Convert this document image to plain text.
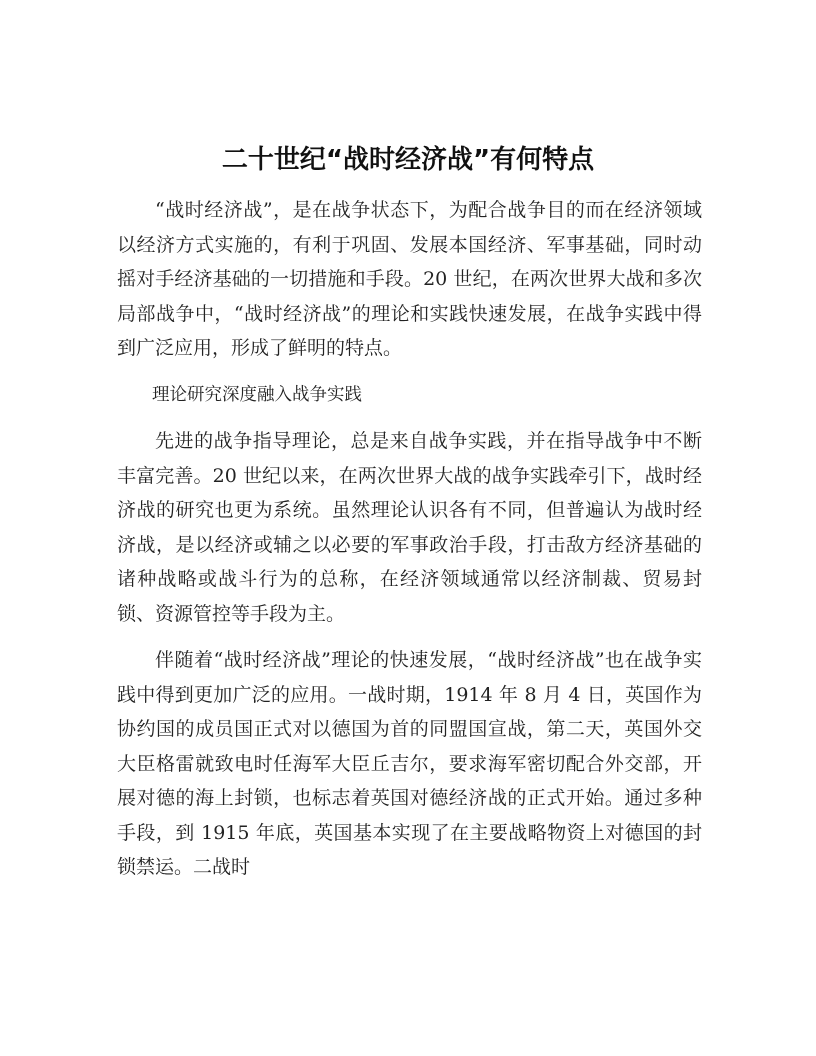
二十世纪“战时经济战”有何特点

“战时经济战”，是在战争状态下，为配合战争目的而在经济领域以经济方式实施的，有利于巩固、发展本国经济、军事基础，同时动摇对手经济基础的一切措施和手段。20 世纪，在两次世界大战和多次局部战争中，“战时经济战”的理论和实践快速发展，在战争实践中得到广泛应用，形成了鲜明的特点。

理论研究深度融入战争实践

先进的战争指导理论，总是来自战争实践，并在指导战争中不断丰富完善。20 世纪以来，在两次世界大战的战争实践牵引下，战时经济战的研究也更为系统。虽然理论认识各有不同，但普遍认为战时经济战，是以经济或辅之以必要的军事政治手段，打击敌方经济基础的诸种战略或战斗行为的总称，在经济领域通常以经济制裁、贸易封锁、资源管控等手段为主。

伴随着“战时经济战”理论的快速发展，“战时经济战”也在战争实践中得到更加广泛的应用。一战时期，1914 年 8 月 4 日，英国作为协约国的成员国正式对以德国为首的同盟国宣战，第二天，英国外交大臣格雷就致电时任海军大臣丘吉尔，要求海军密切配合外交部，开展对德的海上封锁，也标志着英国对德经济战的正式开始。通过多种手段，到 1915 年底，英国基本实现了在主要战略物资上对德国的封锁禁运。二战时
